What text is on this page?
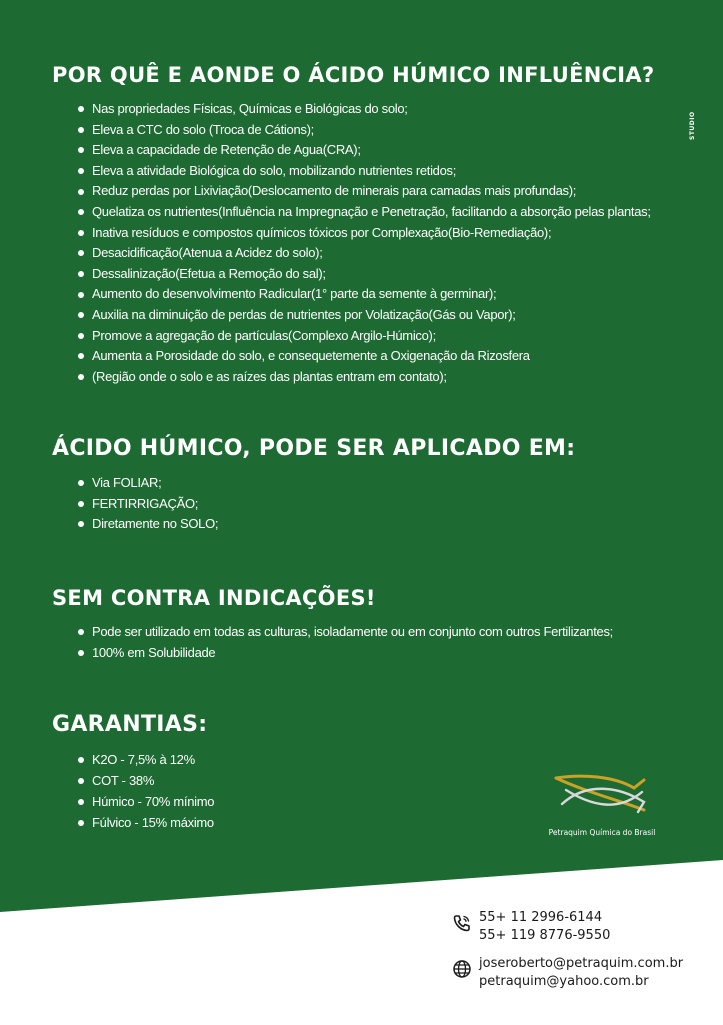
STUDIO
POR QUÊ E AONDE O ÁCIDO HÚMICO INFLUÊNCIA?
Nas propriedades Físicas, Químicas e Biológicas do solo;
Eleva a CTC do solo (Troca de Cátions);
Eleva a capacidade de Retenção de Agua(CRA);
Eleva a atividade Biológica do solo, mobilizando nutrientes retidos;
Reduz perdas por Lixiviação(Deslocamento de minerais para camadas mais profundas);
Quelatiza os nutrientes(Influência na Impregnação e Penetração, facilitando a absorção pelas plantas;
Inativa resíduos e compostos químicos tóxicos por Complexação(Bio-Remediação);
Desacidificação(Atenua a Acidez do solo);
Dessalinização(Efetua a Remoção do sal);
Aumento do desenvolvimento Radicular(1° parte da semente à germinar);
Auxilia na diminuição de perdas de nutrientes por Volatização(Gás ou Vapor);
Promove a agregação de partículas(Complexo Argilo-Húmico);
Aumenta a Porosidade do solo, e consequetemente a Oxigenação da Rizosfera
(Região onde o solo e as raízes das plantas entram em contato);
ÁCIDO HÚMICO, PODE SER APLICADO EM:
Via FOLIAR;
FERTIRRIGAÇÃO;
Diretamente no SOLO;
SEM CONTRA INDICAÇÕES!
Pode ser utilizado em todas as culturas, isoladamente ou em conjunto com outros Fertilizantes;
100% em Solubilidade
GARANTIAS:
K2O - 7,5% à 12%
COT - 38%
Húmico - 70% mínimo
Fúlvico - 15% máximo
Petraquim Química do Brasil
55+ 11 2996-6144
55+ 119 8776-9550
joseroberto@petraquim.com.br
petraquim@yahoo.com.br
